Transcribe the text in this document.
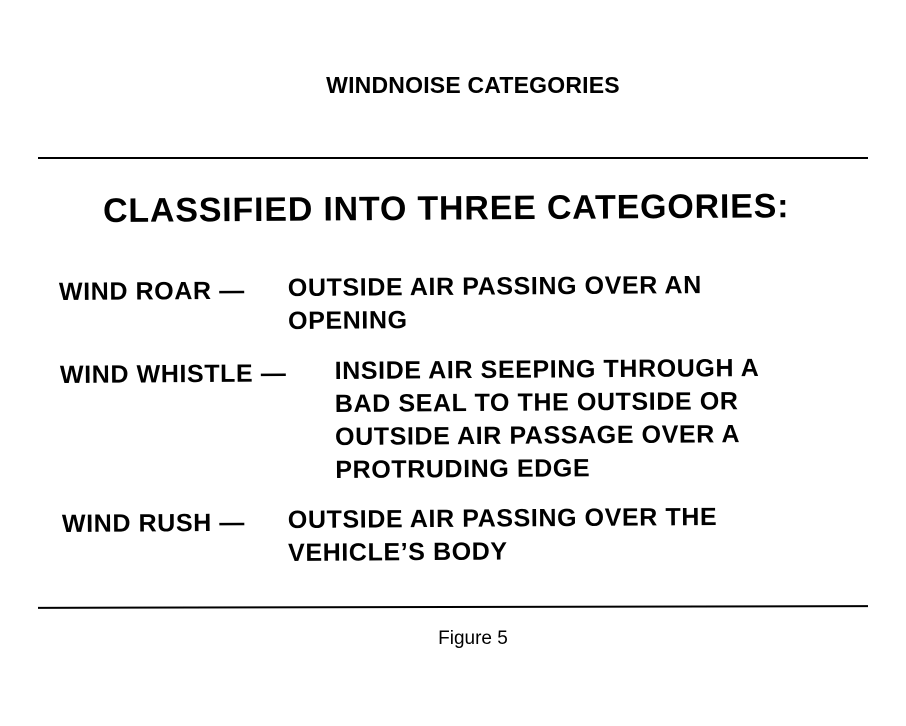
WINDNOISE CATEGORIES
CLASSIFIED INTO THREE CATEGORIES:
WIND ROAR — OUTSIDE AIR PASSING OVER AN
OPENING
WIND WHISTLE — INSIDE AIR SEEPING THROUGH A
BAD SEAL TO THE OUTSIDE OR
OUTSIDE AIR PASSAGE OVER A
PROTRUDING EDGE
WIND RUSH — OUTSIDE AIR PASSING OVER THE
VEHICLE’S BODY
Figure 5
